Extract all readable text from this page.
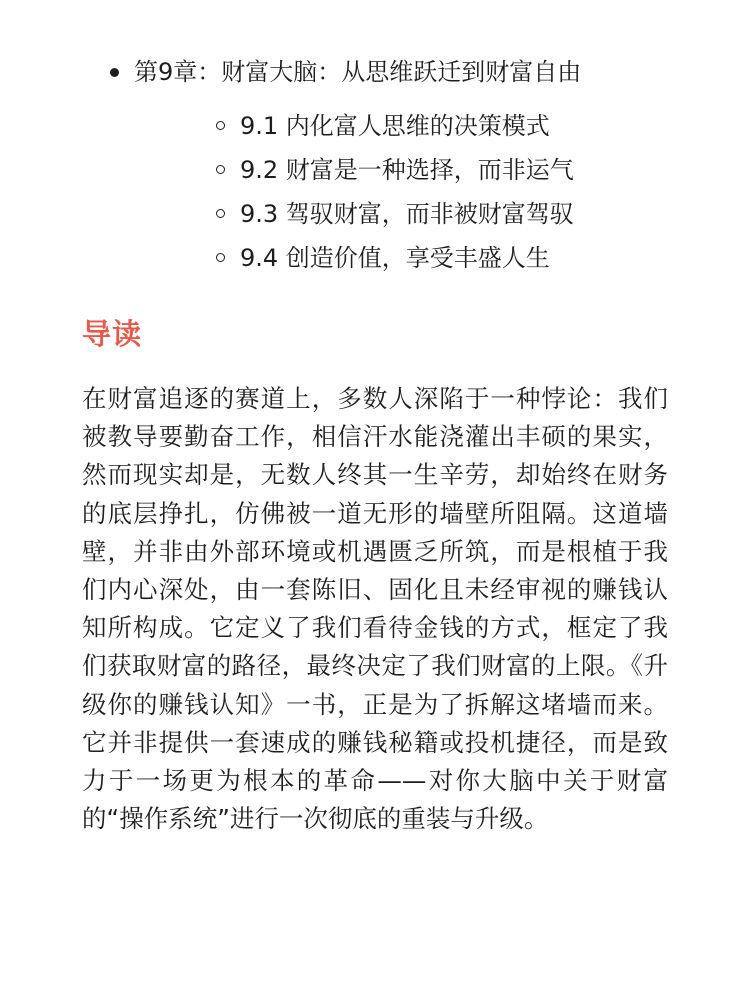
第9章：财富大脑：从思维跃迁到财富自由
9.1 内化富人思维的决策模式
9.2 财富是一种选择，而非运气
9.3 驾驭财富，而非被财富驾驭
9.4 创造价值，享受丰盛人生
导读

在财富追逐的赛道上，多数人深陷于一种悖论：我们被教导要勤奋工作，相信汗水能浇灌出丰硕的果实，然而现实却是，无数人终其一生辛劳，却始终在财务的底层挣扎，仿佛被一道无形的墙壁所阻隔。这道墙壁，并非由外部环境或机遇匮乏所筑，而是根植于我们内心深处，由一套陈旧、固化且未经审视的赚钱认知所构成。它定义了我们看待金钱的方式，框定了我们获取财富的路径，最终决定了我们财富的上限。《升级你的赚钱认知》一书，正是为了拆解这堵墙而来。它并非提供一套速成的赚钱秘籍或投机捷径，而是致力于一场更为根本的革命——对你大脑中关于财富的“操作系统”进行一次彻底的重装与升级。
